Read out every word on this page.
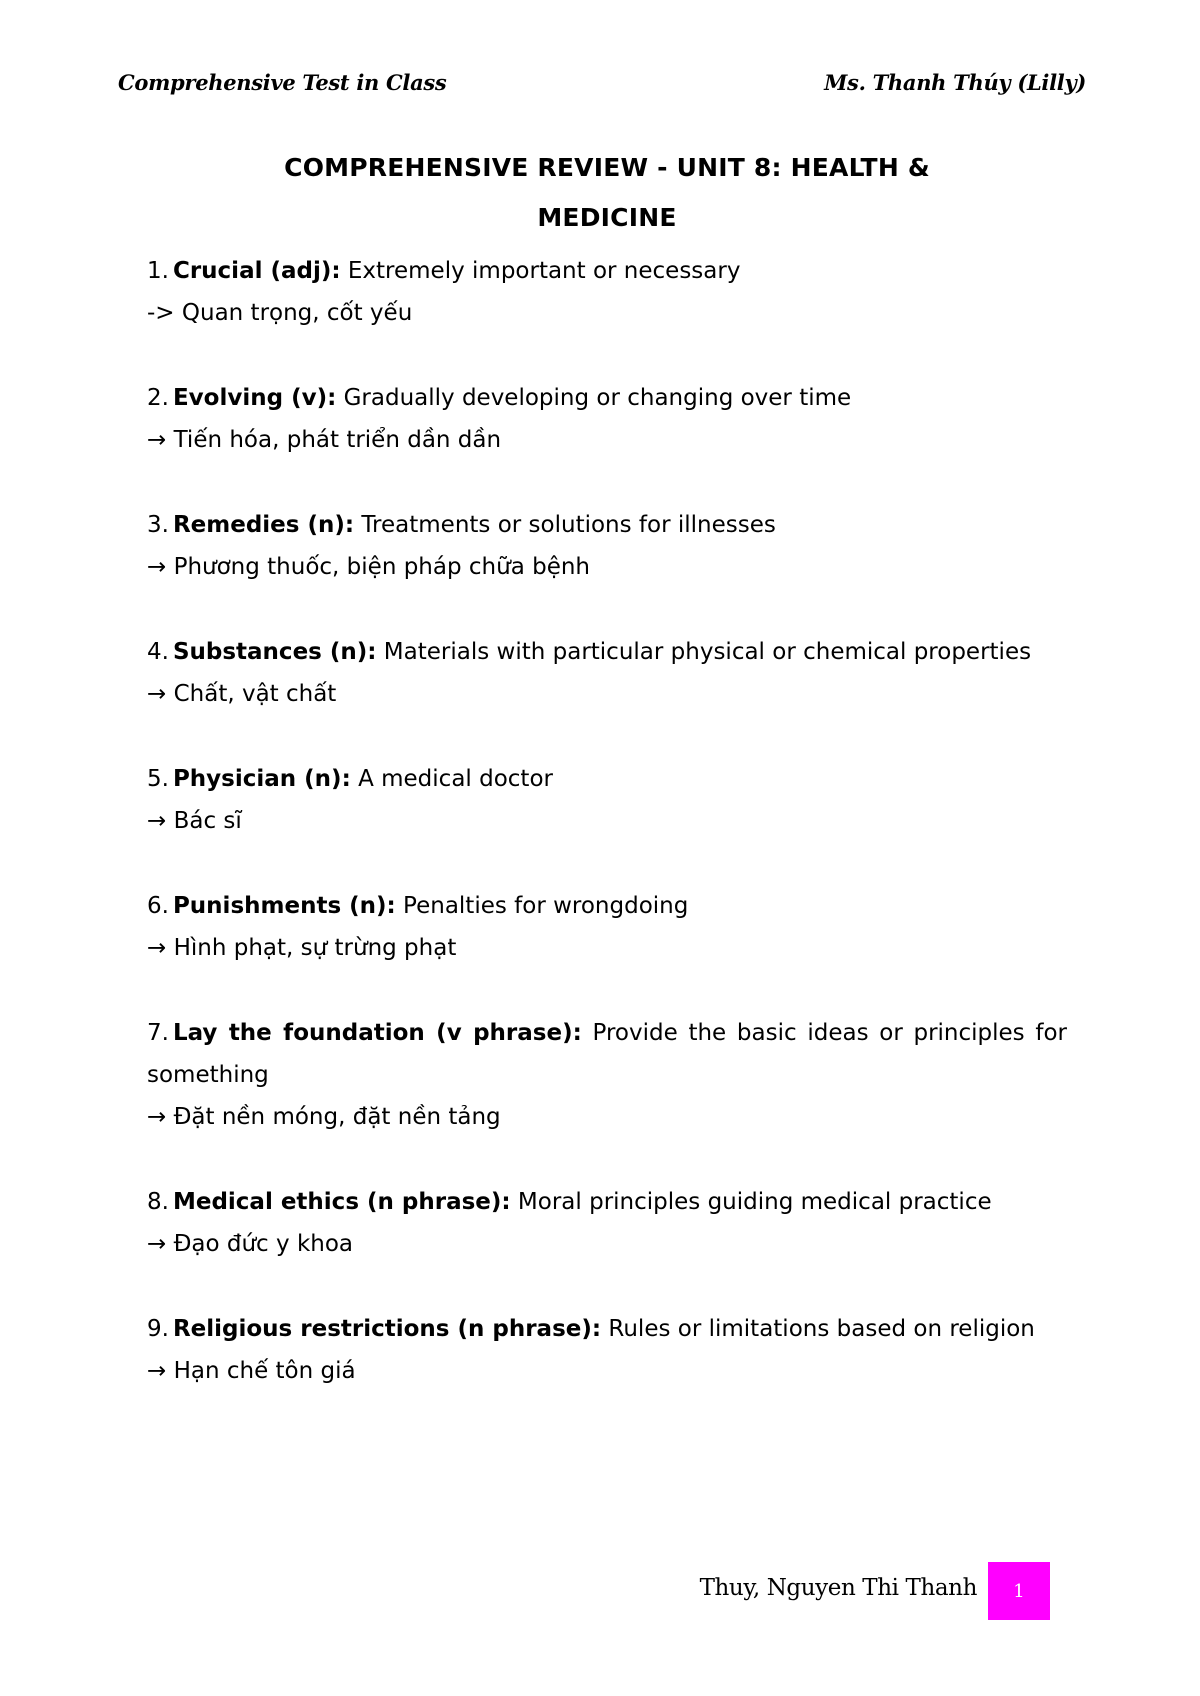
Comprehensive Test in Class	Ms. Thanh Thúy (Lilly)
COMPREHENSIVE REVIEW - UNIT 8: HEALTH &
MEDICINE

1. Crucial (adj): Extremely important or necessary

-> Quan trọng, cốt yếu

2. Evolving (v): Gradually developing or changing over time

→ Tiến hóa, phát triển dần dần

3. Remedies (n): Treatments or solutions for illnesses

→ Phương thuốc, biện pháp chữa bệnh

4. Substances (n): Materials with particular physical or chemical properties

→ Chất, vật chất

5. Physician (n): A medical doctor

→ Bác sĩ

6. Punishments (n): Penalties for wrongdoing

→ Hình phạt, sự trừng phạt

7. Lay the foundation (v phrase): Provide the basic ideas or principles for something

→ Đặt nền móng, đặt nền tảng

8. Medical ethics (n phrase): Moral principles guiding medical practice

→ Đạo đức y khoa

9. Religious restrictions (n phrase): Rules or limitations based on religion

→ Hạn chế tôn giá

Thuy, Nguyen Thi Thanh	1
